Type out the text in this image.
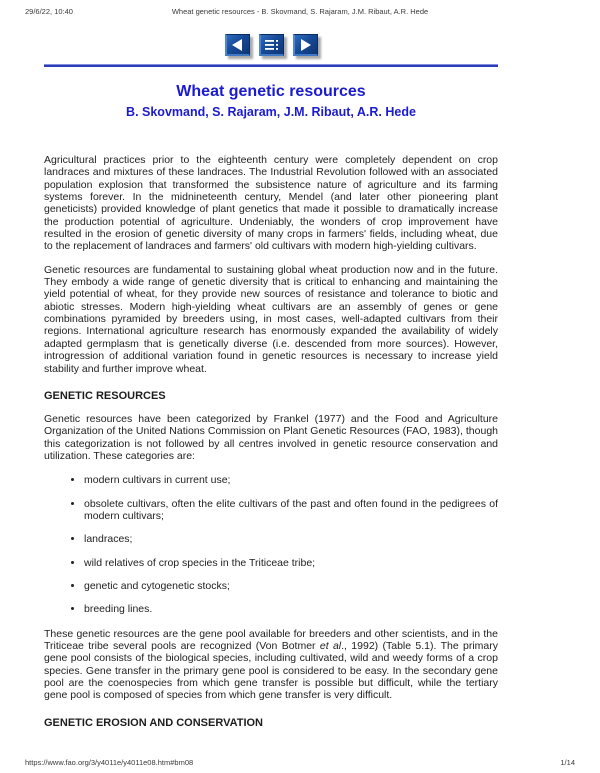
29/6/22, 10:40	Wheat genetic resources - B. Skovmand, S. Rajaram, J.M. Ribaut, A.R. Hede
Wheat genetic resources
B. Skovmand, S. Rajaram, J.M. Ribaut, A.R. Hede

Agricultural practices prior to the eighteenth century were completely dependent on crop landraces and mixtures of these landraces. The Industrial Revolution followed with an associated population explosion that transformed the subsistence nature of agriculture and its farming systems forever. In the midnineteenth century, Mendel (and later other pioneering plant geneticists) provided knowledge of plant genetics that made it possible to dramatically increase the production potential of agriculture. Undeniably, the wonders of crop improvement have resulted in the erosion of genetic diversity of many crops in farmers' fields, including wheat, due to the replacement of landraces and farmers' old cultivars with modern high-yielding cultivars.

Genetic resources are fundamental to sustaining global wheat production now and in the future. They embody a wide range of genetic diversity that is critical to enhancing and maintaining the yield potential of wheat, for they provide new sources of resistance and tolerance to biotic and abiotic stresses. Modern high-yielding wheat cultivars are an assembly of genes or gene combinations pyramided by breeders using, in most cases, well-adapted cultivars from their regions. International agriculture research has enormously expanded the availability of widely adapted germplasm that is genetically diverse (i.e. descended from more sources). However, introgression of additional variation found in genetic resources is necessary to increase yield stability and further improve wheat.

GENETIC RESOURCES

Genetic resources have been categorized by Frankel (1977) and the Food and Agriculture Organization of the United Nations Commission on Plant Genetic Resources (FAO, 1983), though this categorization is not followed by all centres involved in genetic resource conservation and utilization. These categories are:

• modern cultivars in current use;
• obsolete cultivars, often the elite cultivars of the past and often found in the pedigrees of modern cultivars;
• landraces;
• wild relatives of crop species in the Triticeae tribe;
• genetic and cytogenetic stocks;
• breeding lines.

These genetic resources are the gene pool available for breeders and other scientists, and in the Triticeae tribe several pools are recognized (Von Botmer et al., 1992) (Table 5.1). The primary gene pool consists of the biological species, including cultivated, wild and weedy forms of a crop species. Gene transfer in the primary gene pool is considered to be easy. In the secondary gene pool are the coenospecies from which gene transfer is possible but difficult, while the tertiary gene pool is composed of species from which gene transfer is very difficult.

GENETIC EROSION AND CONSERVATION
https://www.fao.org/3/y4011e/y4011e08.htm#bm08	1/14
